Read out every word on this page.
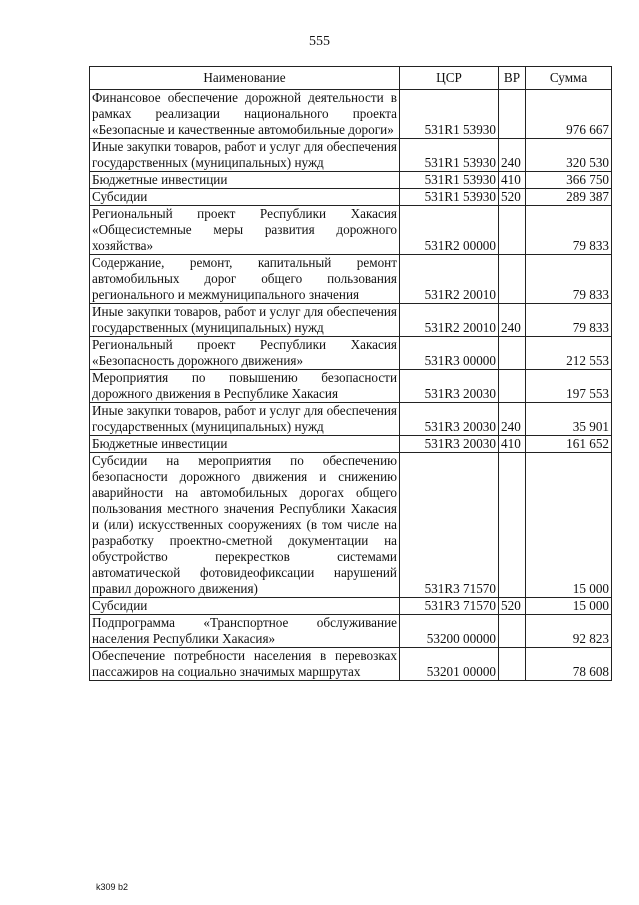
555
Наименование	ЦСР	ВР	Сумма
Финансовое обеспечение дорожной деятельности в рамках реализации национального проекта «Безопасные и качественные автомобильные дороги»	531R1 53930		976 667
Иные закупки товаров, работ и услуг для обеспечения государственных (муниципальных) нужд	531R1 53930	240	320 530
Бюджетные инвестиции	531R1 53930	410	366 750
Субсидии	531R1 53930	520	289 387
Региональный проект Республики Хакасия «Общесистемные меры развития дорожного хозяйства»	531R2 00000		79 833
Содержание, ремонт, капитальный ремонт автомобильных дорог общего пользования регионального и межмуниципального значения	531R2 20010		79 833
Иные закупки товаров, работ и услуг для обеспечения государственных (муниципальных) нужд	531R2 20010	240	79 833
Региональный проект Республики Хакасия «Безопасность дорожного движения»	531R3 00000		212 553
Мероприятия по повышению безопасности дорожного движения в Республике Хакасия	531R3 20030		197 553
Иные закупки товаров, работ и услуг для обеспечения государственных (муниципальных) нужд	531R3 20030	240	35 901
Бюджетные инвестиции	531R3 20030	410	161 652
Субсидии на мероприятия по обеспечению безопасности дорожного движения и снижению аварийности на автомобильных дорогах общего пользования местного значения Республики Хакасия и (или) искусственных сооружениях (в том числе на разработку проектно-сметной документации на обустройство перекрестков системами автоматической фотовидеофиксации нарушений правил дорожного движения)	531R3 71570		15 000
Субсидии	531R3 71570	520	15 000
Подпрограмма «Транспортное обслуживание населения Республики Хакасия»	53200 00000		92 823
Обеспечение потребности населения в перевозках пассажиров на социально значимых маршрутах	53201 00000		78 608
k309 b2
